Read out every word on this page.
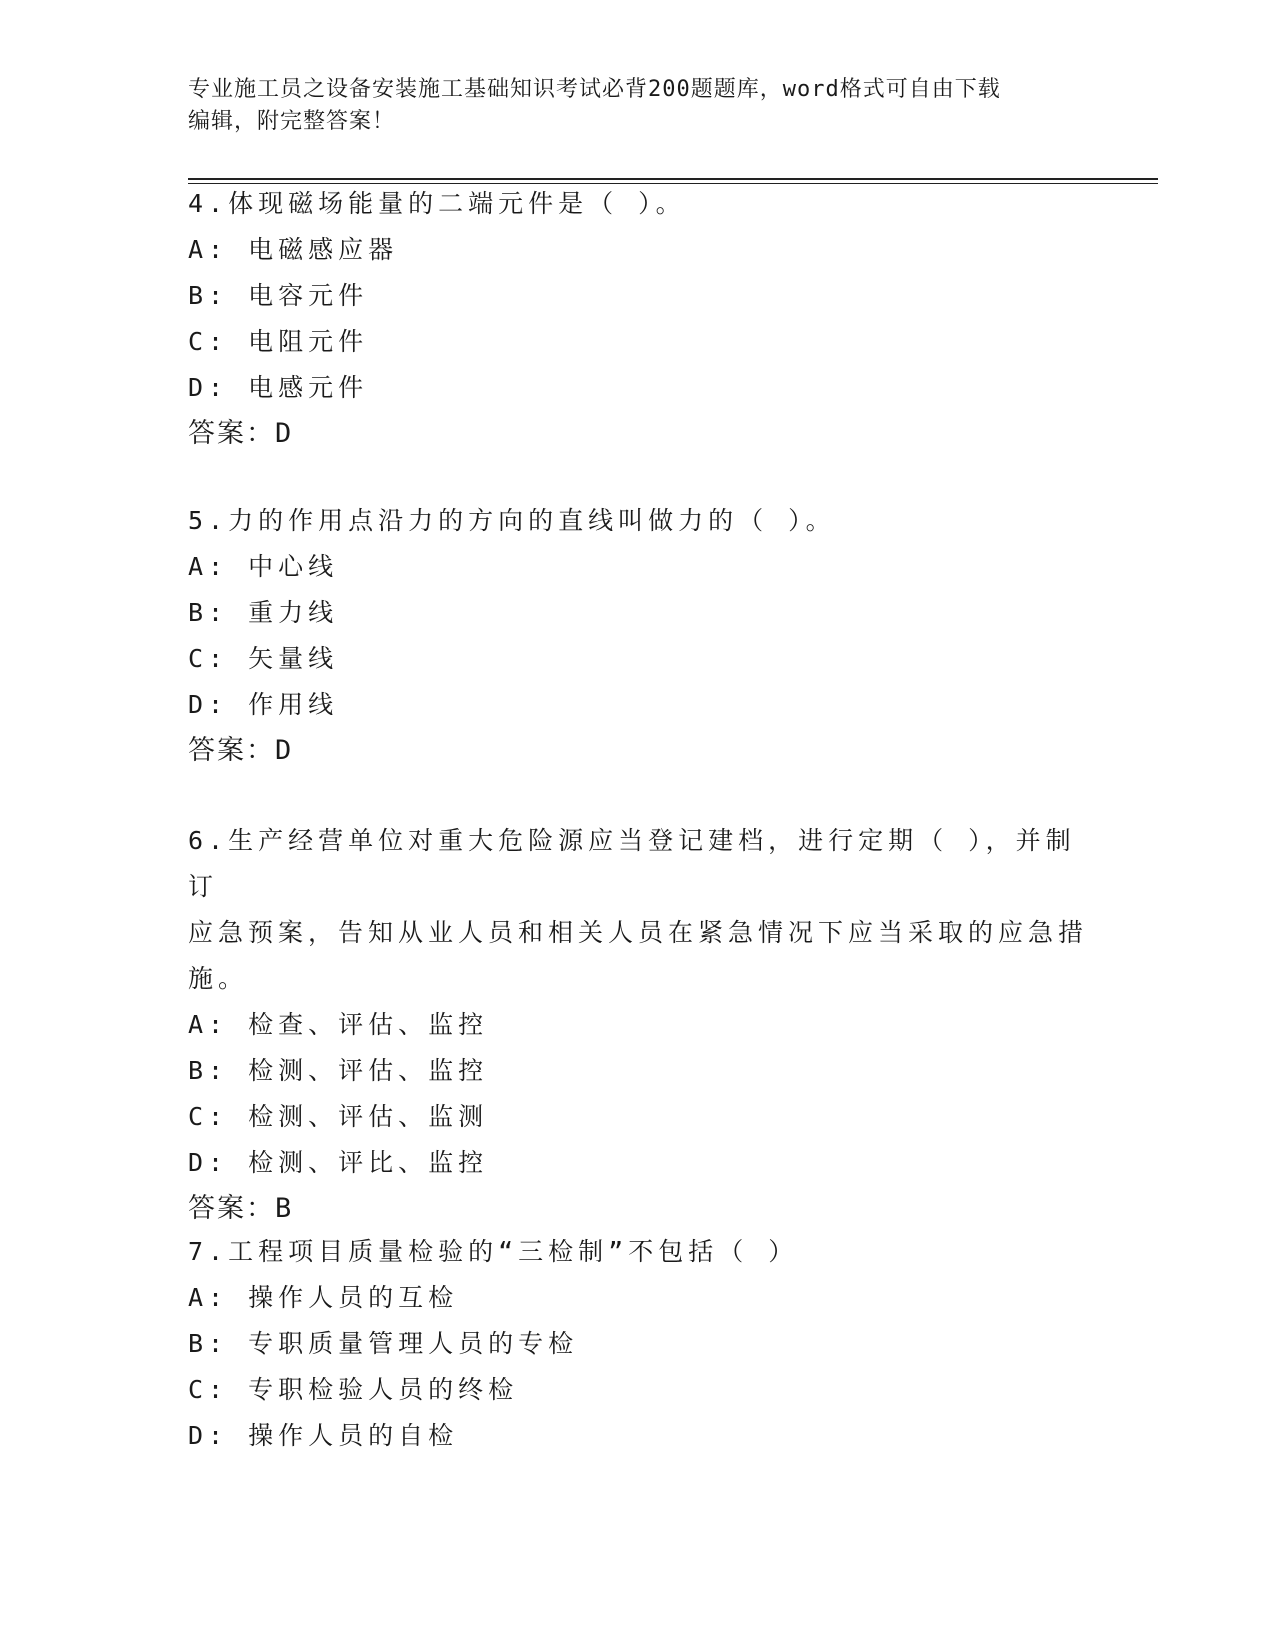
专业施工员之设备安装施工基础知识考试必背200题题库，word格式可自由下载
编辑，附完整答案！

4.体现磁场能量的二端元件是（ ）。

A: 电磁感应器

B: 电容元件

C: 电阻元件

D: 电感元件

答案：D

5.力的作用点沿力的方向的直线叫做力的（ ）。

A: 中心线

B: 重力线

C: 矢量线

D: 作用线

答案：D

6.生产经营单位对重大危险源应当登记建档，进行定期（ ），并制订

应急预案，告知从业人员和相关人员在紧急情况下应当采取的应急措

施。

A: 检查、评估、监控

B: 检测、评估、监控

C: 检测、评估、监测

D: 检测、评比、监控

答案：B

7.工程项目质量检验的“三检制”不包括（ ）

A: 操作人员的互检

B: 专职质量管理人员的专检

C: 专职检验人员的终检

D: 操作人员的自检
